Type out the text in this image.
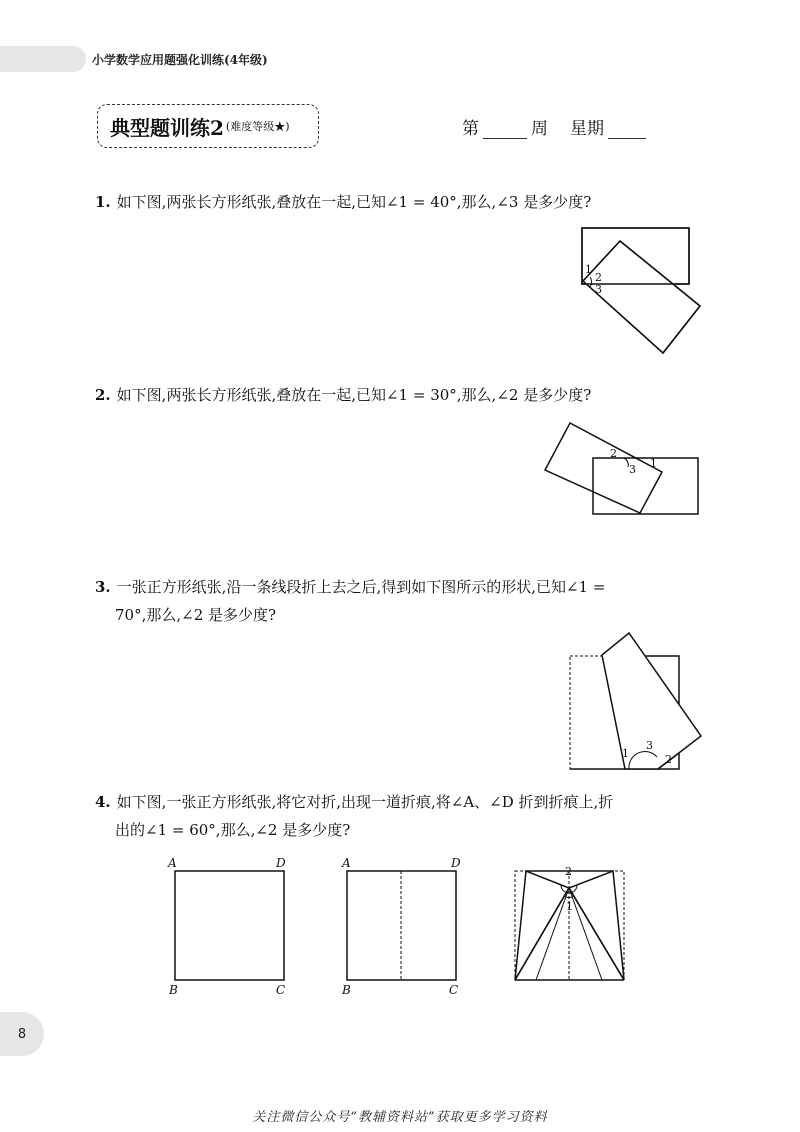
小学数学应用题强化训练(4年级)
典型题训练2 (难度等级★)	第	周 星期
1. 如下图,两张长方形纸张,叠放在一起,已知∠1 = 40°,那么,∠3 是多少度?
1
2
3
2. 如下图,两张长方形纸张,叠放在一起,已知∠1 = 30°,那么,∠2 是多少度?
2
1
3
3. 一张正方形纸张,沿一条线段折上去之后,得到如下图所示的形状,已知∠1 =
70°,那么,∠2 是多少度?
1
3
2
4. 如下图,一张正方形纸张,将它对折,出现一道折痕,将∠A、∠D 折到折痕上,折
出的∠1 = 60°,那么,∠2 是多少度?
A	D
B	C
A	D
B	C
2
1
8
关注微信公众号“教辅资料站”获取更多学习资料
